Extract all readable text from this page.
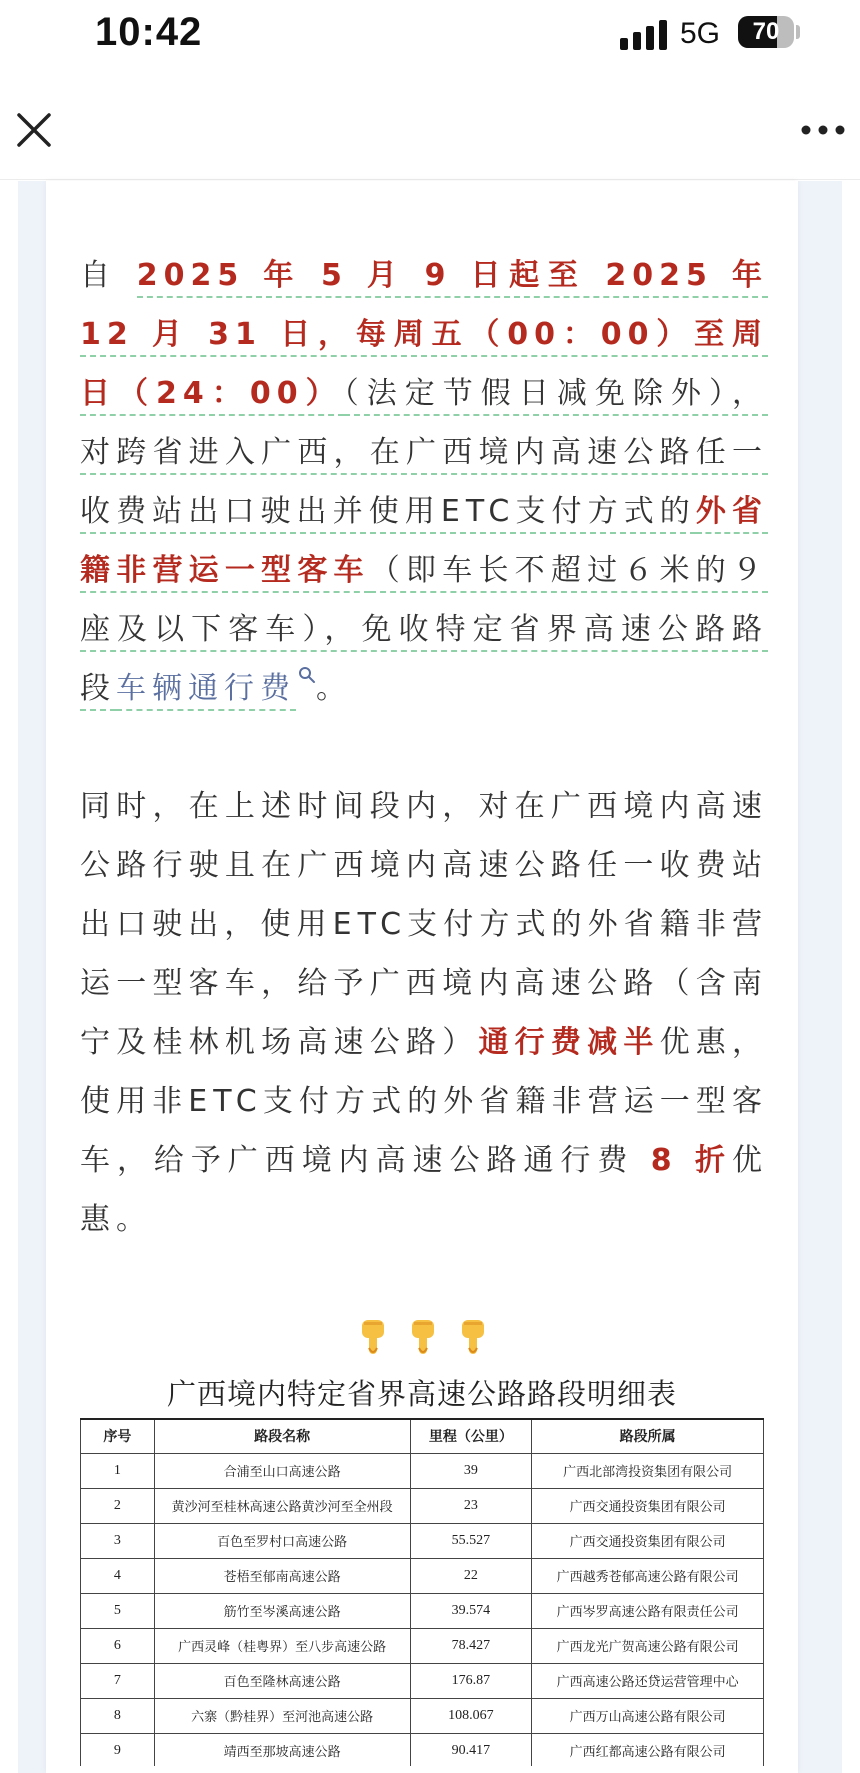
10:42	5G	70
自 2025 年 5 月 9 日起至 2025 年 12 月 31 日，每周五（00：00）至周日（24：00）（法定节假日减免除外），对跨省进入广西，在广西境内高速公路任一收费站出口驶出并使用ETC支付方式的外省籍非营运一型客车（即车长不超过６米的９座及以下客车），免收特定省界高速公路路段车辆通行费 。
同时，在上述时间段内，对在广西境内高速公路行驶且在广西境内高速公路任一收费站出口驶出，使用ETC支付方式的外省籍非营运一型客车，给予广西境内高速公路（含南宁及桂林机场高速公路）通行费减半优惠，使用非ETC支付方式的外省籍非营运一型客车，给予广西境内高速公路通行费 8 折优惠。
广西境内特定省界高速公路路段明细表
序号	路段名称	里程（公里）	路段所属
1	合浦至山口高速公路	39	广西北部湾投资集团有限公司
2	黄沙河至桂林高速公路黄沙河至全州段	23	广西交通投资集团有限公司
3	百色至罗村口高速公路	55.527	广西交通投资集团有限公司
4	苍梧至郁南高速公路	22	广西越秀苍郁高速公路有限公司
5	筋竹至岑溪高速公路	39.574	广西岑罗高速公路有限责任公司
6	广西灵峰（桂粤界）至八步高速公路	78.427	广西龙光广贺高速公路有限公司
7	百色至隆林高速公路	176.87	广西高速公路还贷运营管理中心
8	六寨（黔桂界）至河池高速公路	108.067	广西万山高速公路有限公司
9	靖西至那坡高速公路	90.417	广西红都高速公路有限公司
